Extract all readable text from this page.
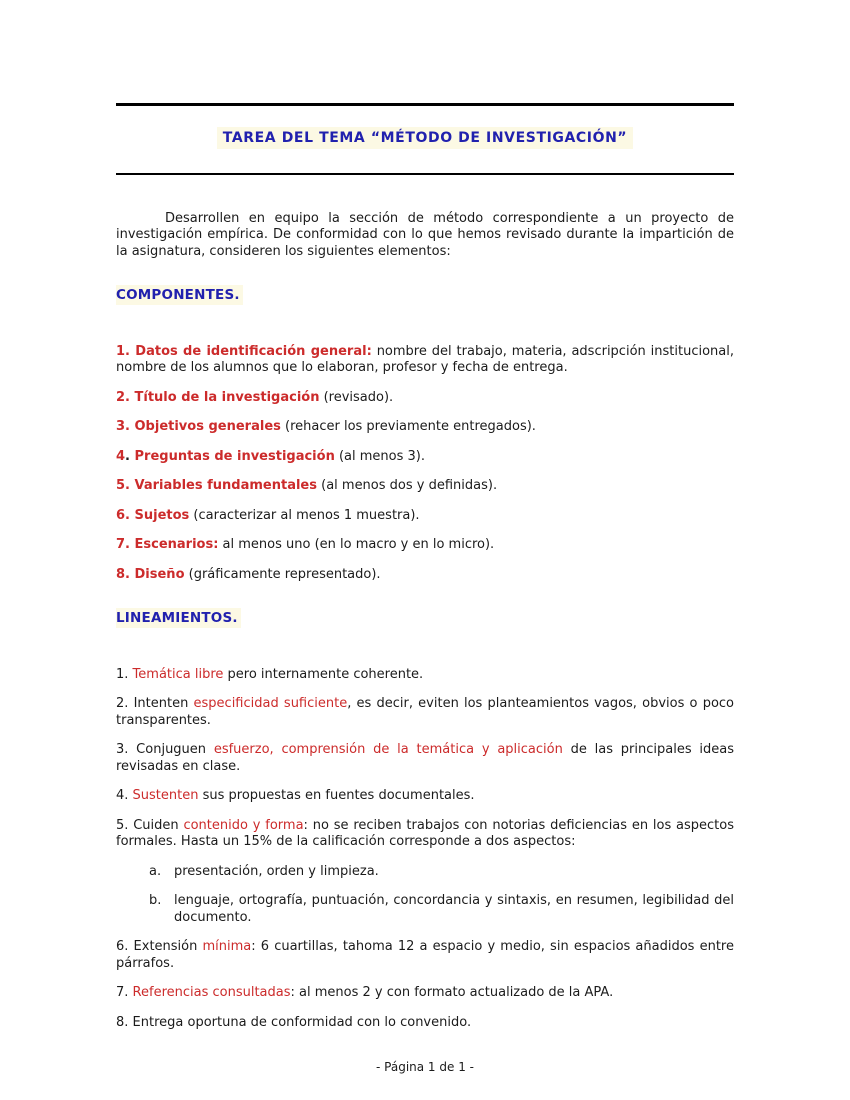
TAREA DEL TEMA “MÉTODO DE INVESTIGACIÓN”

Desarrollen en equipo la sección de método correspondiente a un proyecto de investigación empírica. De conformidad con lo que hemos revisado durante la impartición de la asignatura, consideren los siguientes elementos:

COMPONENTES.

1. Datos de identificación general: nombre del trabajo, materia, adscripción institucional, nombre de los alumnos que lo elaboran, profesor y fecha de entrega.

2. Título de la investigación (revisado).

3. Objetivos generales (rehacer los previamente entregados).

4. Preguntas de investigación (al menos 3).

5. Variables fundamentales (al menos dos y definidas).

6. Sujetos (caracterizar al menos 1 muestra).

7. Escenarios: al menos uno (en lo macro y en lo micro).

8. Diseño (gráficamente representado).

LINEAMIENTOS.

1. Temática libre pero internamente coherente.

2. Intenten especificidad suficiente, es decir, eviten los planteamientos vagos, obvios o poco transparentes.

3. Conjuguen esfuerzo, comprensión de la temática y aplicación de las principales ideas revisadas en clase.

4. Sustenten sus propuestas en fuentes documentales.

5. Cuiden contenido y forma: no se reciben trabajos con notorias deficiencias en los aspectos formales. Hasta un 15% de la calificación corresponde a dos aspectos:

a. presentación, orden y limpieza.
b. lenguaje, ortografía, puntuación, concordancia y sintaxis, en resumen, legibilidad del documento.

6. Extensión mínima: 6 cuartillas, tahoma 12 a espacio y medio, sin espacios añadidos entre párrafos.

7. Referencias consultadas: al menos 2 y con formato actualizado de la APA.

8. Entrega oportuna de conformidad con lo convenido.

- Página 1 de 1 -
